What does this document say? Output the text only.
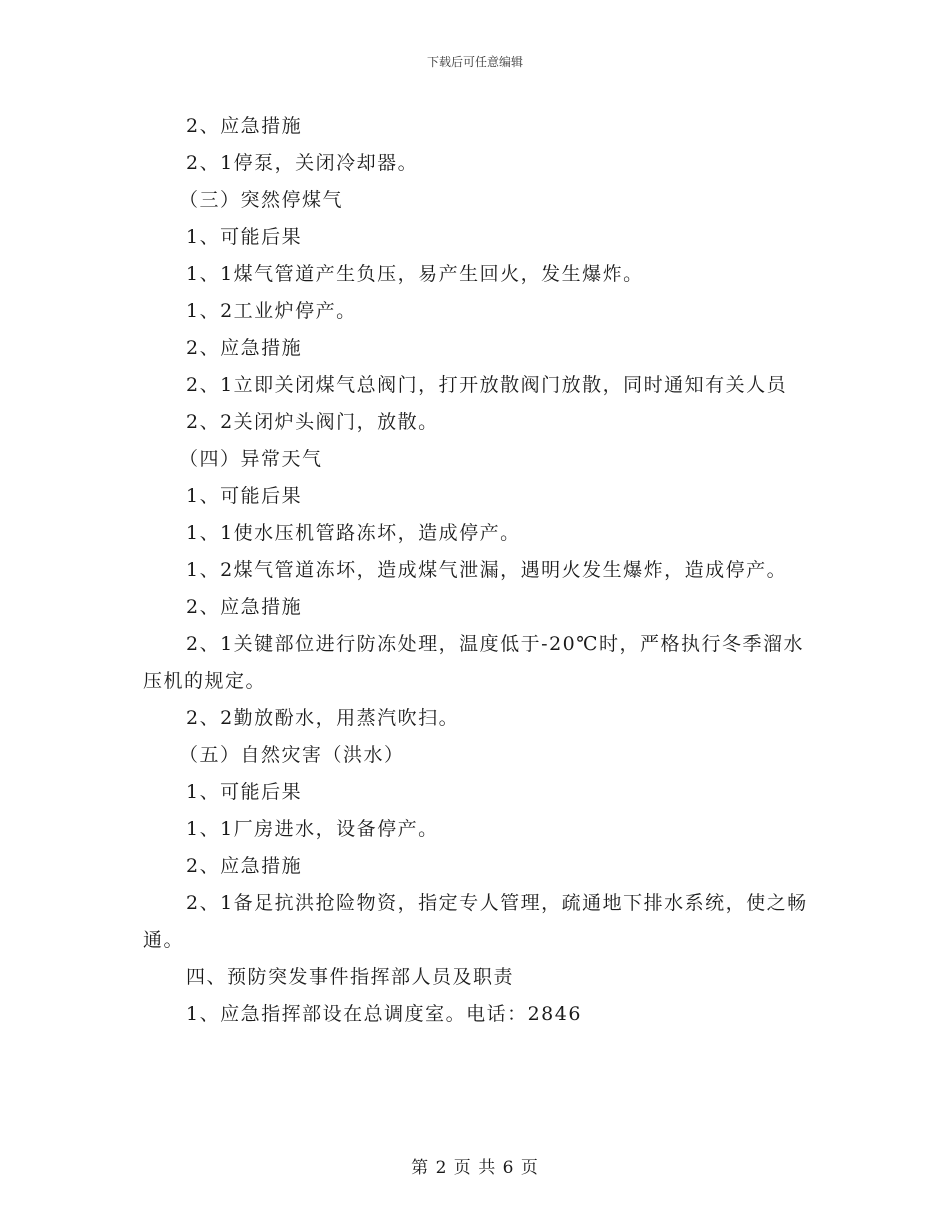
下载后可任意编辑
2、应急措施
2、1停泵，关闭冷却器。
（三）突然停煤气
1、可能后果
1、1煤气管道产生负压，易产生回火，发生爆炸。
1、2工业炉停产。
2、应急措施
2、1立即关闭煤气总阀门，打开放散阀门放散，同时通知有关人员
2、2关闭炉头阀门，放散。
（四）异常天气
1、可能后果
1、1使水压机管路冻坏，造成停产。
1、2煤气管道冻坏，造成煤气泄漏，遇明火发生爆炸，造成停产。
2、应急措施
2、1关键部位进行防冻处理，温度低于-20℃时，严格执行冬季溜水压机的规定。
2、2勤放酚水，用蒸汽吹扫。
（五）自然灾害（洪水）
1、可能后果
1、1厂房进水，设备停产。
2、应急措施
2、1备足抗洪抢险物资，指定专人管理，疏通地下排水系统，使之畅通。
四、预防突发事件指挥部人员及职责
1、应急指挥部设在总调度室。电话：2846
第 2 页 共 6 页
